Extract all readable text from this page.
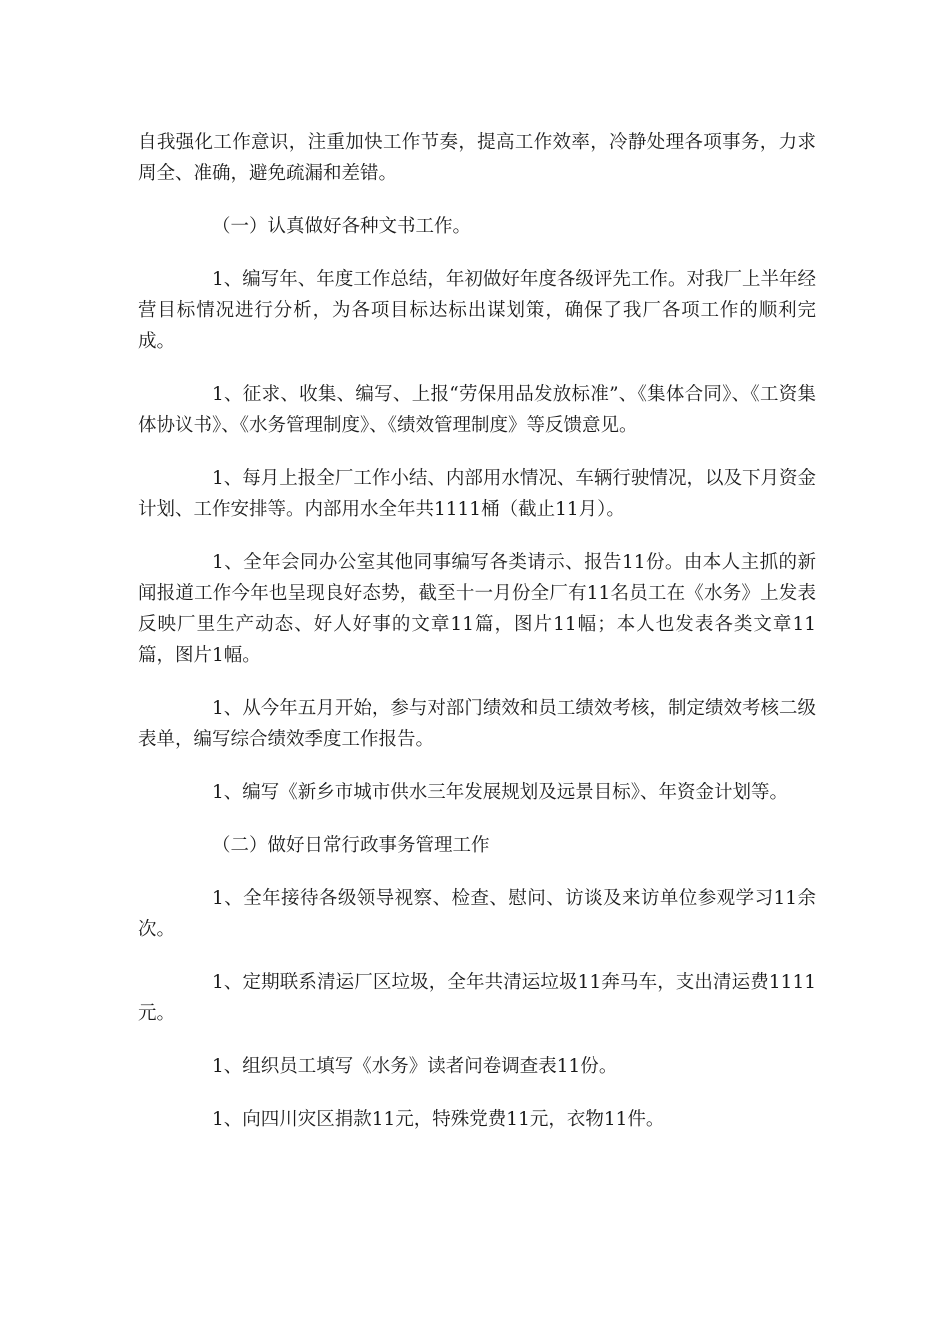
自我强化工作意识，注重加快工作节奏，提高工作效率，冷静处理各项事务，力求周全、准确，避免疏漏和差错。

（一）认真做好各种文书工作。

1、编写年、年度工作总结，年初做好年度各级评先工作。对我厂上半年经营目标情况进行分析，为各项目标达标出谋划策，确保了我厂各项工作的顺利完成。

1、征求、收集、编写、上报“劳保用品发放标准”、《集体合同》、《工资集体协议书》、《水务管理制度》、《绩效管理制度》等反馈意见。

1、每月上报全厂工作小结、内部用水情况、车辆行驶情况，以及下月资金计划、工作安排等。内部用水全年共1111桶（截止11月）。

1、全年会同办公室其他同事编写各类请示、报告11份。由本人主抓的新闻报道工作今年也呈现良好态势，截至十一月份全厂有11名员工在《水务》上发表反映厂里生产动态、好人好事的文章11篇，图片11幅；本人也发表各类文章11篇，图片1幅。

1、从今年五月开始，参与对部门绩效和员工绩效考核，制定绩效考核二级表单，编写综合绩效季度工作报告。

1、编写《新乡市城市供水三年发展规划及远景目标》、年资金计划等。

（二）做好日常行政事务管理工作

1、全年接待各级领导视察、检查、慰问、访谈及来访单位参观学习11余次。

1、定期联系清运厂区垃圾，全年共清运垃圾11奔马车，支出清运费1111元。

1、组织员工填写《水务》读者问卷调查表11份。

1、向四川灾区捐款11元，特殊党费11元，衣物11件。
